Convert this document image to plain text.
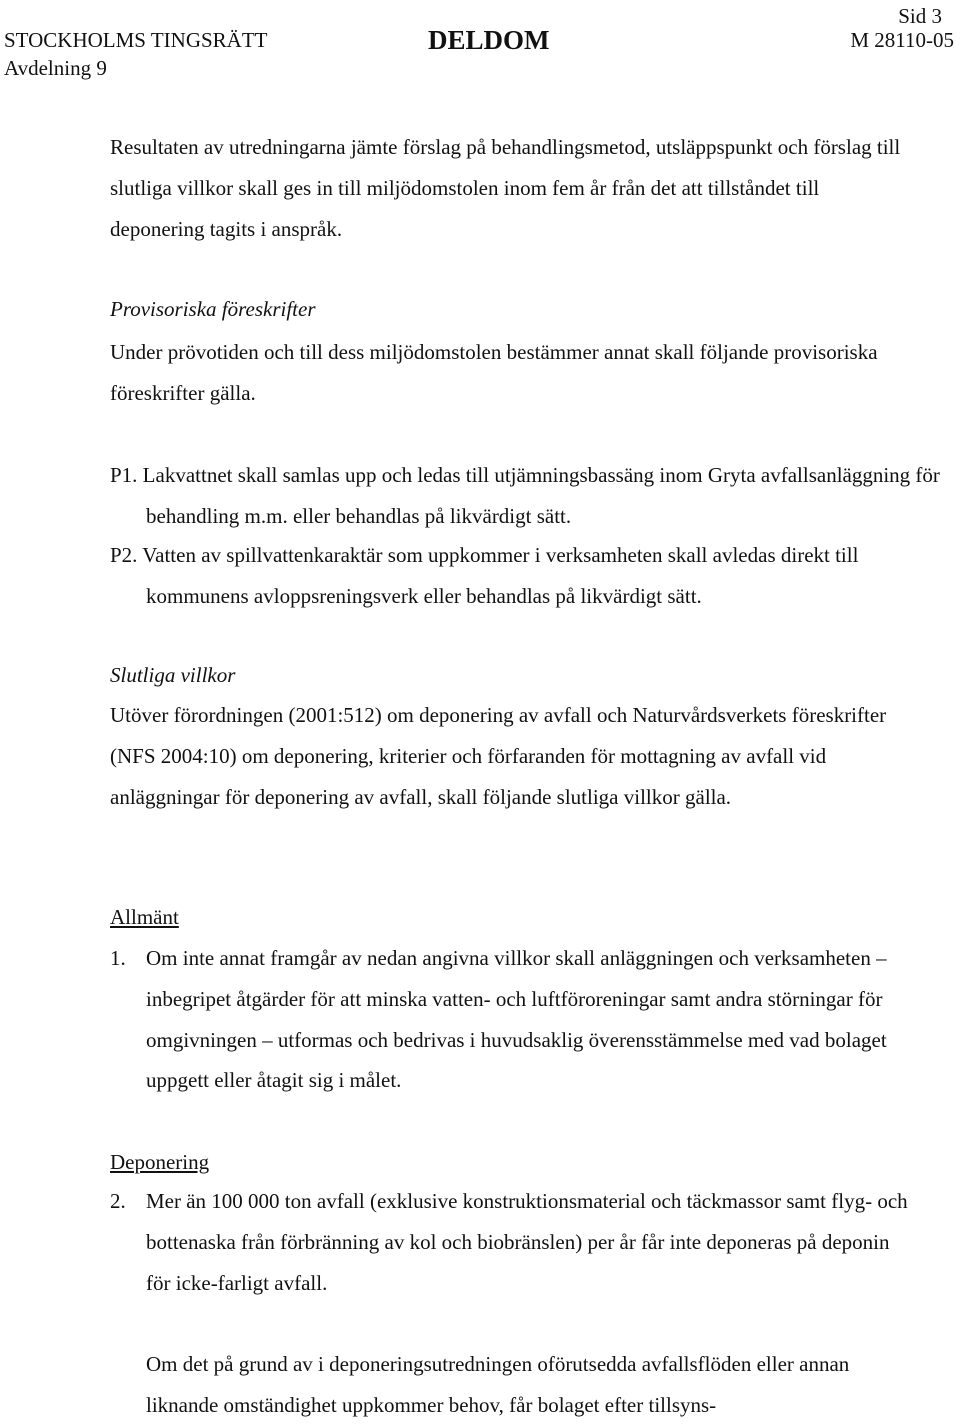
Sid 3
STOCKHOLMS TINGSRÄTT
Avdelning 9
DELDOM	M 28110-05

Resultaten av utredningarna jämte förslag på behandlingsmetod, utsläppspunkt och förslag till slutliga villkor skall ges in till miljödomstolen inom fem år från det att tillståndet till deponering tagits i anspråk.

Provisoriska föreskrifter

Under prövotiden och till dess miljödomstolen bestämmer annat skall följande provisoriska föreskrifter gälla.

P1. Lakvattnet skall samlas upp och ledas till utjämningsbassäng inom Gryta avfallsanläggning för behandling m.m. eller behandlas på likvärdigt sätt.

P2. Vatten av spillvattenkaraktär som uppkommer i verksamheten skall avledas direkt till kommunens avloppsreningsverk eller behandlas på likvärdigt sätt.

Slutliga villkor

Utöver förordningen (2001:512) om deponering av avfall och Naturvårdsverkets föreskrifter (NFS 2004:10) om deponering, kriterier och förfaranden för mottagning av avfall vid anläggningar för deponering av avfall, skall följande slutliga villkor gälla.

Allmänt

1. Om inte annat framgår av nedan angivna villkor skall anläggningen och verksamheten – inbegripet åtgärder för att minska vatten- och luftföroreningar samt andra störningar för omgivningen – utformas och bedrivas i huvudsaklig överensstämmelse med vad bolaget uppgett eller åtagit sig i målet.

Deponering

2. Mer än 100 000 ton avfall (exklusive konstruktionsmaterial och täckmassor samt flyg- och bottenaska från förbränning av kol och biobränslen) per år får inte deponeras på deponin för icke-farligt avfall.
Om det på grund av i deponeringsutredningen oförutsedda avfallsflöden eller annan liknande omständighet uppkommer behov, får bolaget efter tillsyns-
